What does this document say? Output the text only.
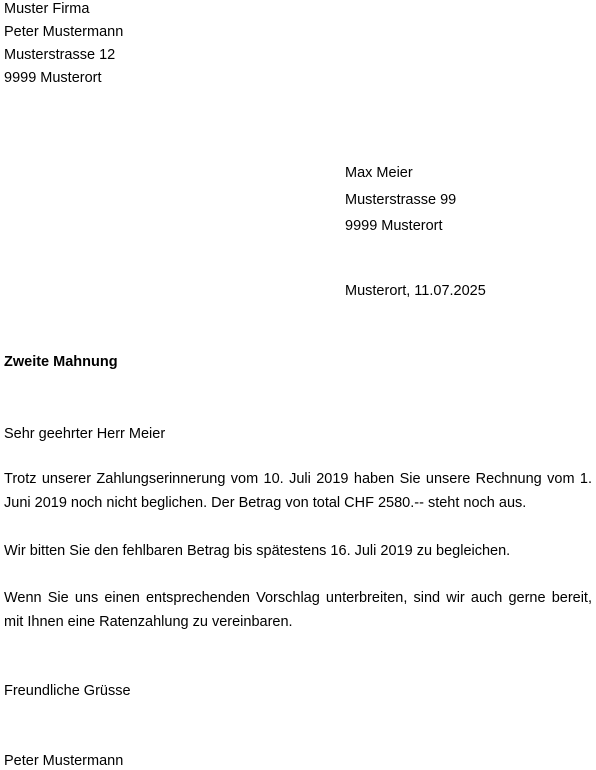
Muster Firma
Peter Mustermann
Musterstrasse 12
9999 Musterort
Max Meier
Musterstrasse 99
9999 Musterort
Musterort, 11.07.2025
Zweite Mahnung
Sehr geehrter Herr Meier
Trotz unserer Zahlungserinnerung vom 10. Juli 2019 haben Sie unsere Rechnung vom 1. Juni 2019 noch nicht beglichen. Der Betrag von total CHF 2580.-- steht noch aus.
Wir bitten Sie den fehlbaren Betrag bis spätestens 16. Juli 2019 zu begleichen.
Wenn Sie uns einen entsprechenden Vorschlag unterbreiten, sind wir auch gerne bereit, mit Ihnen eine Ratenzahlung zu vereinbaren.
Freundliche Grüsse
Peter Mustermann
